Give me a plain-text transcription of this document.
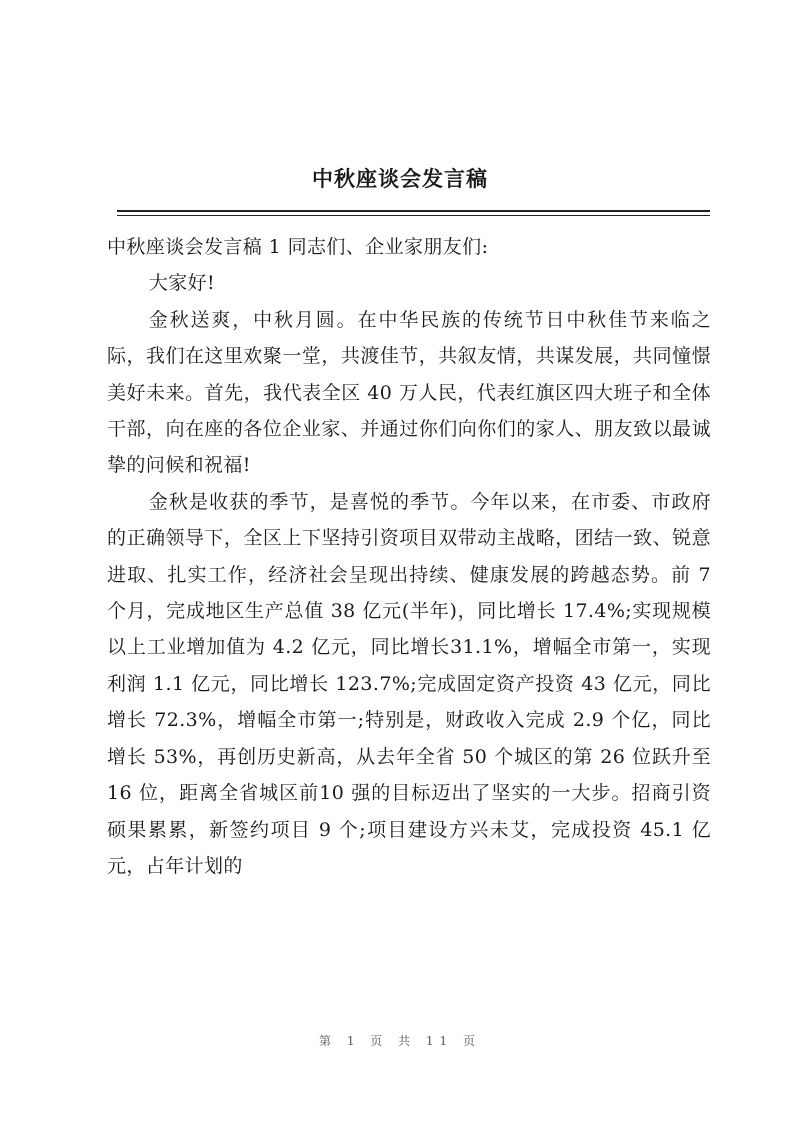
中秋座谈会发言稿

中秋座谈会发言稿 1 同志们、企业家朋友们:

大家好!

金秋送爽，中秋月圆。在中华民族的传统节日中秋佳节来临之际，我们在这里欢聚一堂，共渡佳节，共叙友情，共谋发展，共同憧憬美好未来。首先，我代表全区 40 万人民，代表红旗区四大班子和全体干部，向在座的各位企业家、并通过你们向你们的家人、朋友致以最诚挚的问候和祝福!

金秋是收获的季节，是喜悦的季节。今年以来，在市委、市政府的正确领导下，全区上下坚持引资项目双带动主战略，团结一致、锐意进取、扎实工作，经济社会呈现出持续、健康发展的跨越态势。前 7 个月，完成地区生产总值 38 亿元(半年)，同比增长 17.4%;实现规模以上工业增加值为 4.2 亿元，同比增长31.1%，增幅全市第一，实现利润 1.1 亿元，同比增长 123.7%;完成固定资产投资 43 亿元，同比增长 72.3%，增幅全市第一;特别是，财政收入完成 2.9 个亿，同比增长 53%，再创历史新高，从去年全省 50 个城区的第 26 位跃升至 16 位，距离全省城区前10 强的目标迈出了坚实的一大步。招商引资硕果累累，新签约项目 9 个;项目建设方兴未艾，完成投资 45.1 亿元，占年计划的

第 1 页 共 11 页
